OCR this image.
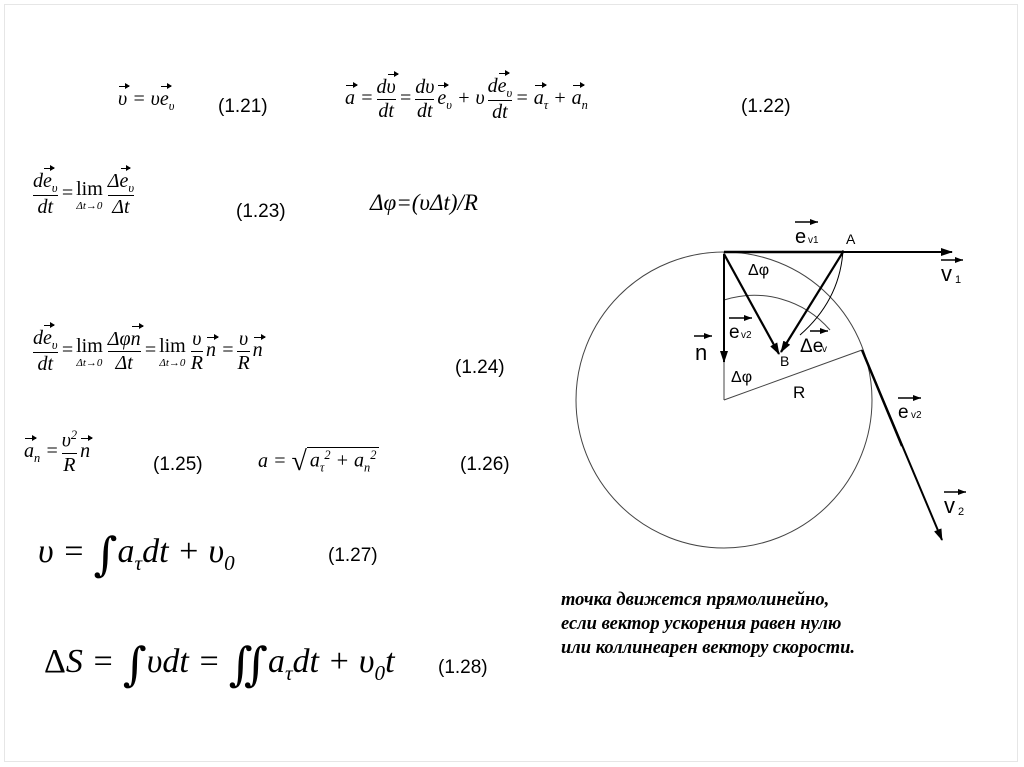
$\upsilon = \upsilon e_\upsilon$ (1.21)	$a = \frac{d\upsilon}{dt} = \frac{d\upsilon}{dt} e_\upsilon + \upsilon \frac{de_\upsilon}{dt} = a_\tau + a_n$	(1.22)
$\frac{de_\upsilon}{dt} = \lim$
$\Delta t\to 0 \frac{\Delta e_\upsilon}{\Delta t}$	(1.23)	Δφ=(υΔt)/R
$\frac{de_\upsilon}{dt} = \lim$
$\Delta t\to 0 \frac{\text{Δφn}}{\Delta t} = \lim$
$\Delta t\to 0 \frac{\upsilon}{R}$ $n = \frac{\upsilon}{R}$ n
(1.24)
$a_n = \frac{\upsilon^2}{R}$ n
(1.25)	a = √ $a_\tau^2 + a_n^2$	(1.26)
$\upsilon = \int a_\tau dt + \upsilon_0$	(1.27)
$\Delta S = \int\upsilon dt = ∬a_\tau dt + \upsilon_0t$ (1.28)
e v1 A
v 1
Δφ
e v2
n	B
Δe
v
Δφ
R
e v2
v 2
точка движется прямолинейно,
если вектор ускорения равен нулю
или коллинеарен вектору скорости.
